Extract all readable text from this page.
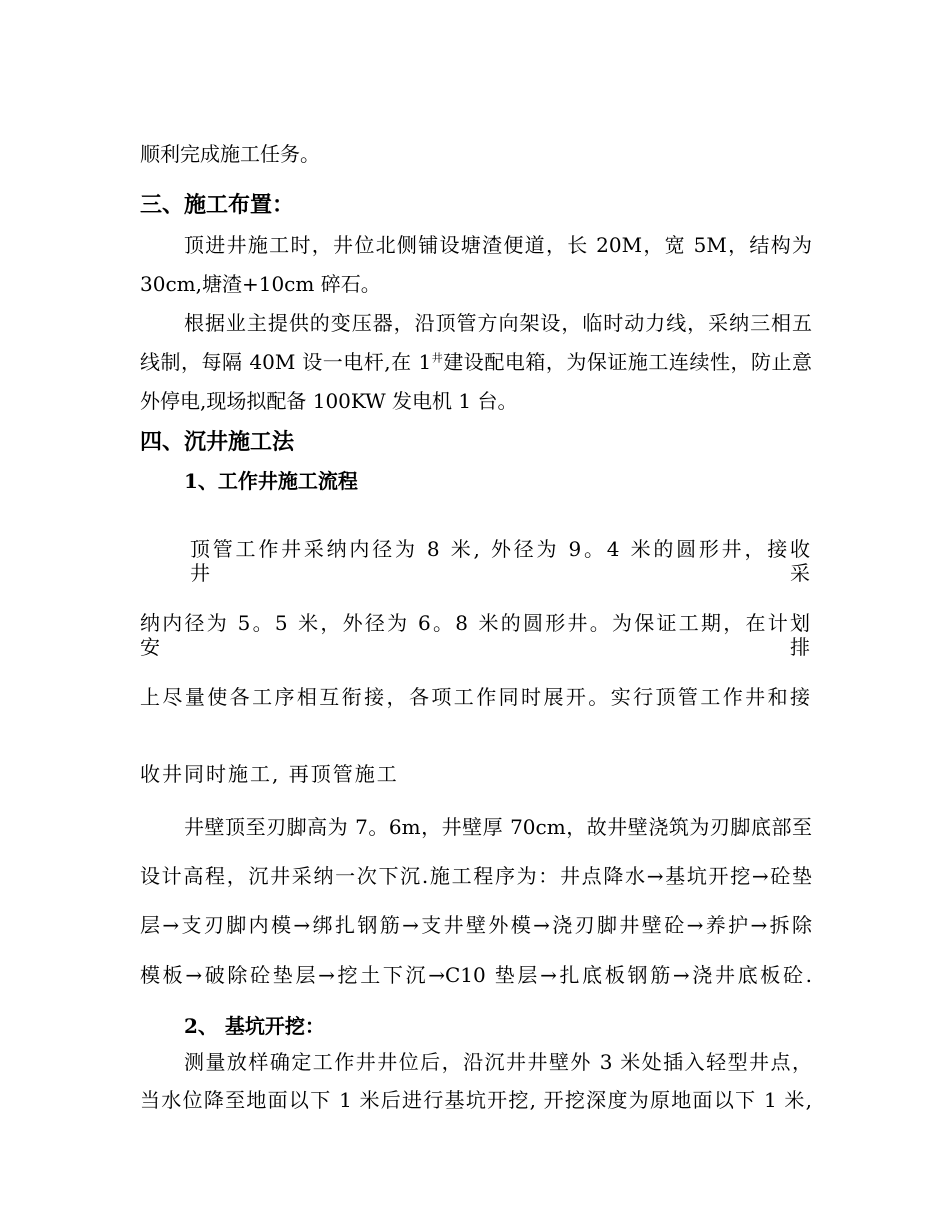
顺利完成施工任务。
三、施工布置：
顶进井施工时，井位北侧铺设塘渣便道，长 20M，宽 5M，结构为
30cm,塘渣+10cm 碎石。
根据业主提供的变压器，沿顶管方向架设，临时动力线，采纳三相五
线制，每隔 40M 设一电杆,在 $1^井$建设配电箱，为保证施工连续性，防止意
外停电,现场拟配备 100KW 发电机 1 台。
四、沉井施工法
1、工作井施工流程
顶管工作井采纳内径为 8 米, 外径为 9。4 米的圆形井，接收井采
纳内径为 5。5 米，外径为 6。8 米的圆形井。为保证工期，在计划安排
上尽量使各工序相互衔接，各项工作同时展开。实行顶管工作井和接
收井同时施工, 再顶管施工
井壁顶至刃脚高为 7。6m，井壁厚 70cm，故井壁浇筑为刃脚底部至
设计高程，沉井采纳一次下沉.施工程序为：井点降水→基坑开挖→砼垫
层→支刃脚内模→绑扎钢筋→支井壁外模→浇刃脚井壁砼→养护→拆除
模板→破除砼垫层→挖土下沉→C10 垫层→扎底板钢筋→浇井底板砼.
2、 基坑开挖：
测量放样确定工作井井位后，沿沉井井壁外 3 米处插入轻型井点，
当水位降至地面以下 1 米后进行基坑开挖, 开挖深度为原地面以下 1 米,
